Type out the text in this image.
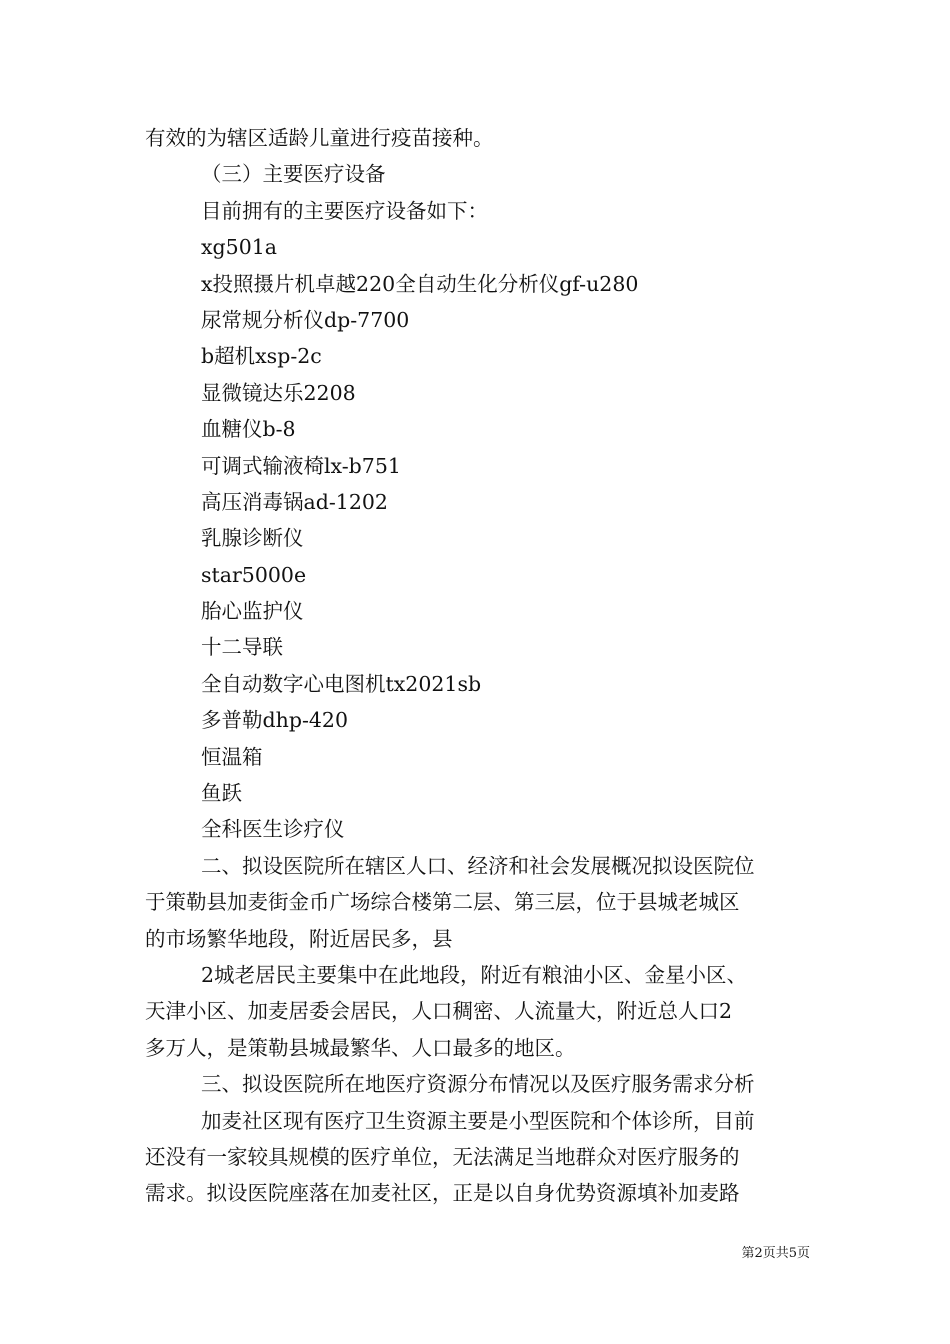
有效的为辖区适龄儿童进行疫苗接种。
（三）主要医疗设备
目前拥有的主要医疗设备如下：
xg501a
x投照摄片机卓越220全自动生化分析仪gf-u280
尿常规分析仪dp-7700
b超机xsp-2c
显微镜达乐2208
血糖仪b-8
可调式输液椅lx-b751
高压消毒锅ad-1202
乳腺诊断仪
star5000e
胎心监护仪
十二导联
全自动数字心电图机tx2021sb
多普勒dhp-420
恒温箱
鱼跃
全科医生诊疗仪
二、拟设医院所在辖区人口、经济和社会发展概况拟设医院位
于策勒县加麦街金币广场综合楼第二层、第三层，位于县城老城区
的市场繁华地段，附近居民多，县
2城老居民主要集中在此地段，附近有粮油小区、金星小区、
天津小区、加麦居委会居民，人口稠密、人流量大，附近总人口2
多万人，是策勒县城最繁华、人口最多的地区。
三、拟设医院所在地医疗资源分布情况以及医疗服务需求分析
加麦社区现有医疗卫生资源主要是小型医院和个体诊所，目前
还没有一家较具规模的医疗单位，无法满足当地群众对医疗服务的
需求。拟设医院座落在加麦社区，正是以自身优势资源填补加麦路
第2页共5页
